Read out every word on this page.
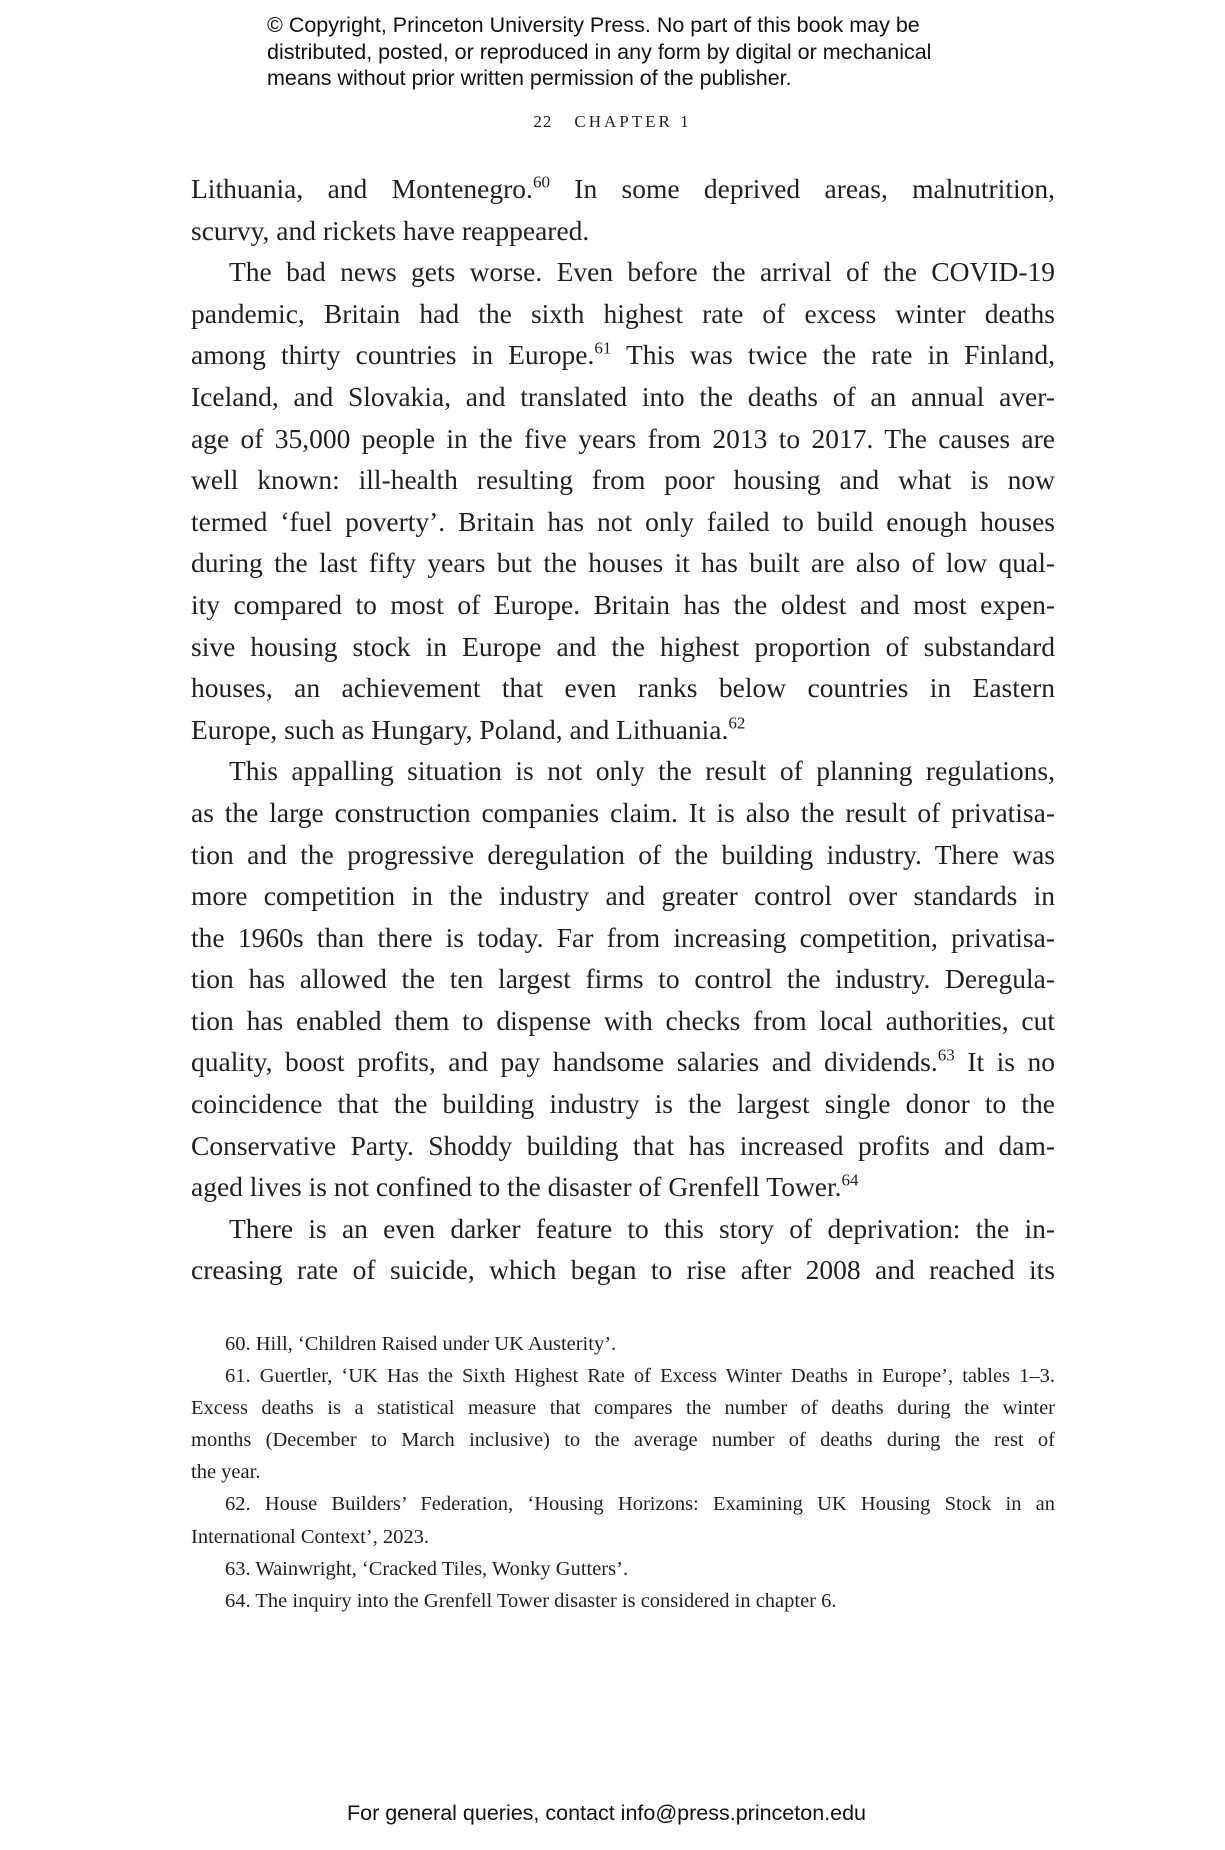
© Copyright, Princeton University Press. No part of this book may be
distributed, posted, or reproduced in any form by digital or mechanical
means without prior written permission of the publisher.
22 CHAPTER 1
Lithuania, and Montenegro.$^{60}$ In some deprived areas, malnutrition,
scurvy, and rickets have reappeared.
The bad news gets worse. Even before the arrival of the COVID-19
pandemic, Britain had the sixth highest rate of excess winter deaths
among thirty countries in Europe.$^{61}$ This was twice the rate in Finland,
Iceland, and Slovakia, and translated into the deaths of an annual aver-
age of 35,000 people in the five years from 2013 to 2017. The causes are
well known: ill-health resulting from poor housing and what is now
termed ‘fuel poverty’. Britain has not only failed to build enough houses
during the last fifty years but the houses it has built are also of low qual-
ity compared to most of Europe. Britain has the oldest and most expen-
sive housing stock in Europe and the highest proportion of substandard
houses, an achievement that even ranks below countries in Eastern
Europe, such as Hungary, Poland, and Lithuania.$^{62}$
This appalling situation is not only the result of planning regulations,
as the large construction companies claim. It is also the result of privatisa-
tion and the progressive deregulation of the building industry. There was
more competition in the industry and greater control over standards in
the 1960s than there is today. Far from increasing competition, privatisa-
tion has allowed the ten largest firms to control the industry. Deregula-
tion has enabled them to dispense with checks from local authorities, cut
quality, boost profits, and pay handsome salaries and dividends.$^{63}$ It is no
coincidence that the building industry is the largest single donor to the
Conservative Party. Shoddy building that has increased profits and dam-
aged lives is not confined to the disaster of Grenfell Tower.$^{64}$
There is an even darker feature to this story of deprivation: the in-
creasing rate of suicide, which began to rise after 2008 and reached its
60. Hill, ‘Children Raised under UK Austerity’.
61. Guertler, ‘UK Has the Sixth Highest Rate of Excess Winter Deaths in Europe’, tables 1–3.
Excess deaths is a statistical measure that compares the number of deaths during the winter
months (December to March inclusive) to the average number of deaths during the rest of
the year.
62. House Builders’ Federation, ‘Housing Horizons: Examining UK Housing Stock in an
International Context’, 2023.
63. Wainwright, ‘Cracked Tiles, Wonky Gutters’.
64. The inquiry into the Grenfell Tower disaster is considered in chapter 6.
For general queries, contact info@press.princeton.edu
